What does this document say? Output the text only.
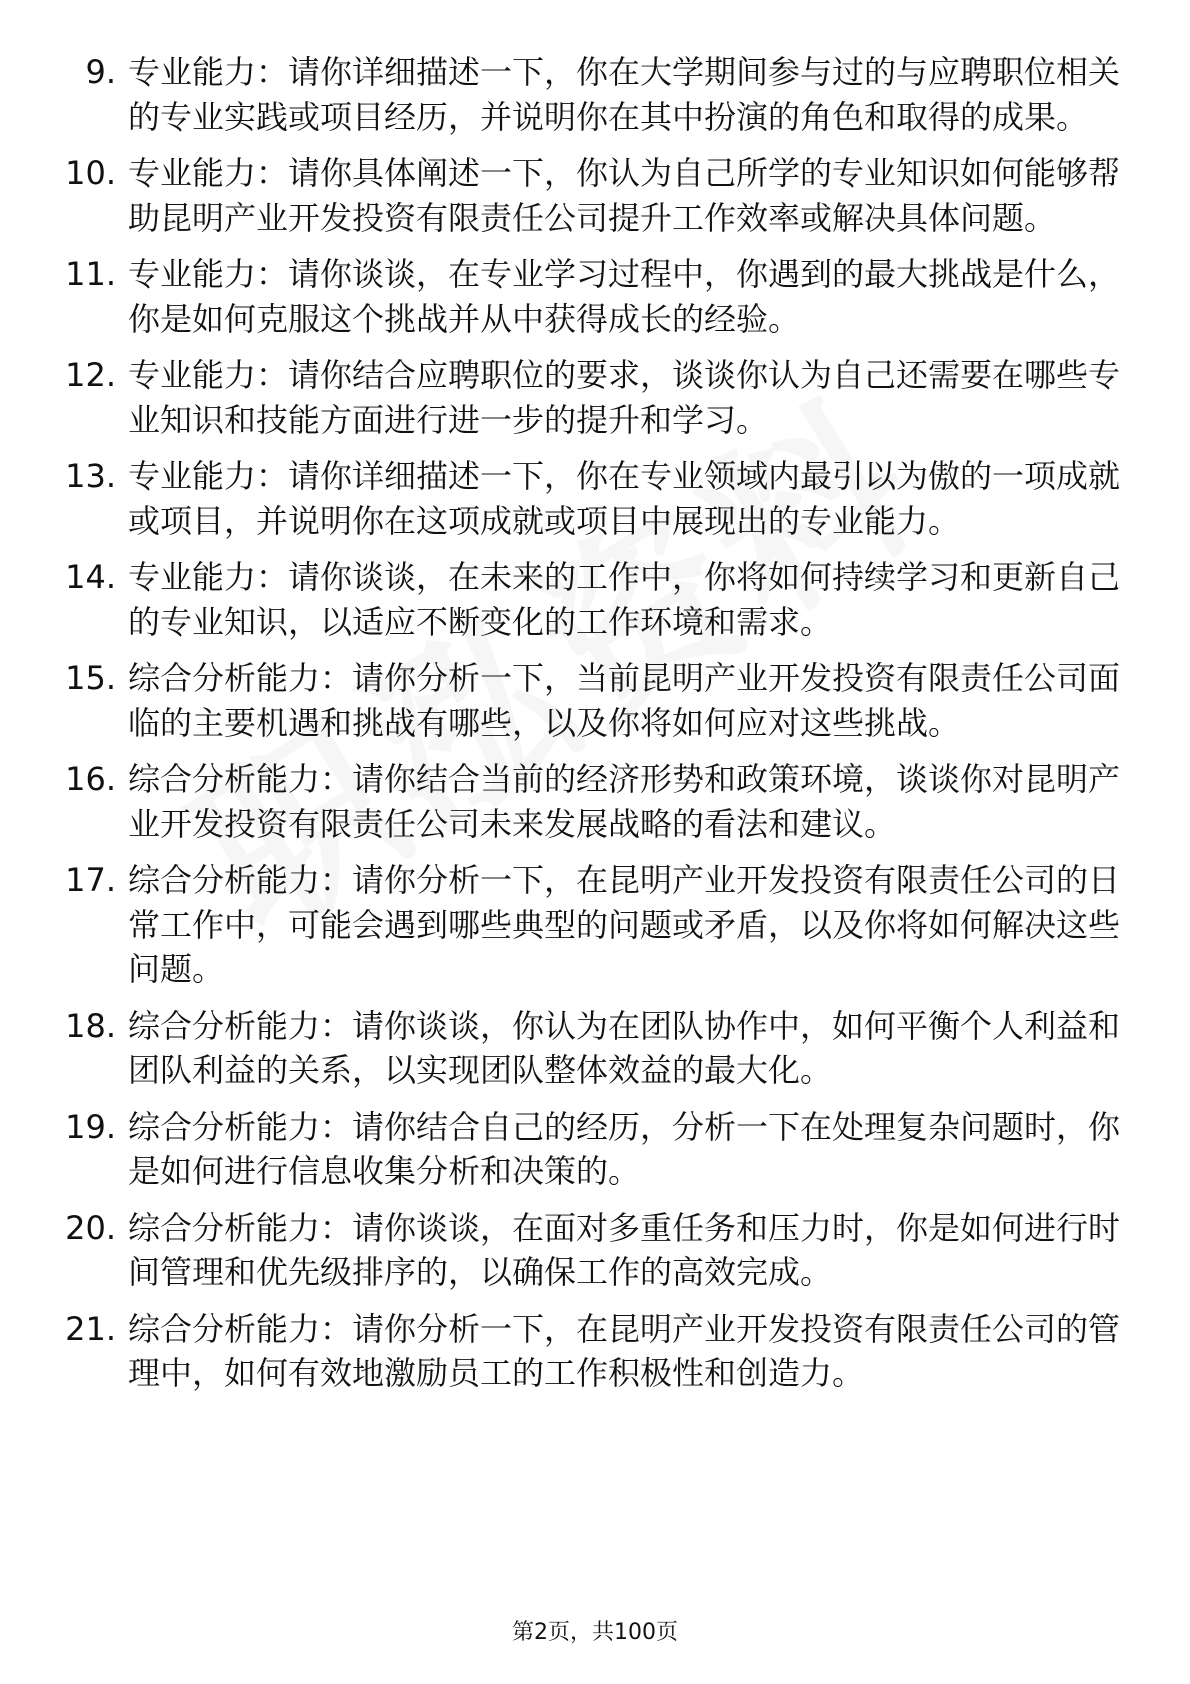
9. 专业能力：请你详细描述一下，你在大学期间参与过的与应聘职位相关的专业实践或项目经历，并说明你在其中扮演的角色和取得的成果。
10. 专业能力：请你具体阐述一下，你认为自己所学的专业知识如何能够帮助昆明产业开发投资有限责任公司提升工作效率或解决具体问题。
11. 专业能力：请你谈谈，在专业学习过程中，你遇到的最大挑战是什么，你是如何克服这个挑战并从中获得成长的经验。
12. 专业能力：请你结合应聘职位的要求，谈谈你认为自己还需要在哪些专业知识和技能方面进行进一步的提升和学习。
13. 专业能力：请你详细描述一下，你在专业领域内最引以为傲的一项成就或项目，并说明你在这项成就或项目中展现出的专业能力。
14. 专业能力：请你谈谈，在未来的工作中，你将如何持续学习和更新自己的专业知识，以适应不断变化的工作环境和需求。
15. 综合分析能力：请你分析一下，当前昆明产业开发投资有限责任公司面临的主要机遇和挑战有哪些，以及你将如何应对这些挑战。
16. 综合分析能力：请你结合当前的经济形势和政策环境，谈谈你对昆明产业开发投资有限责任公司未来发展战略的看法和建议。
17. 综合分析能力：请你分析一下，在昆明产业开发投资有限责任公司的日常工作中，可能会遇到哪些典型的问题或矛盾，以及你将如何解决这些问题。
18. 综合分析能力：请你谈谈，你认为在团队协作中，如何平衡个人利益和团队利益的关系，以实现团队整体效益的最大化。
19. 综合分析能力：请你结合自己的经历，分析一下在处理复杂问题时，你是如何进行信息收集分析和决策的。
20. 综合分析能力：请你谈谈，在面对多重任务和压力时，你是如何进行时间管理和优先级排序的，以确保工作的高效完成。
21. 综合分析能力：请你分析一下，在昆明产业开发投资有限责任公司的管理中，如何有效地激励员工的工作积极性和创造力。
第2页，共100页
